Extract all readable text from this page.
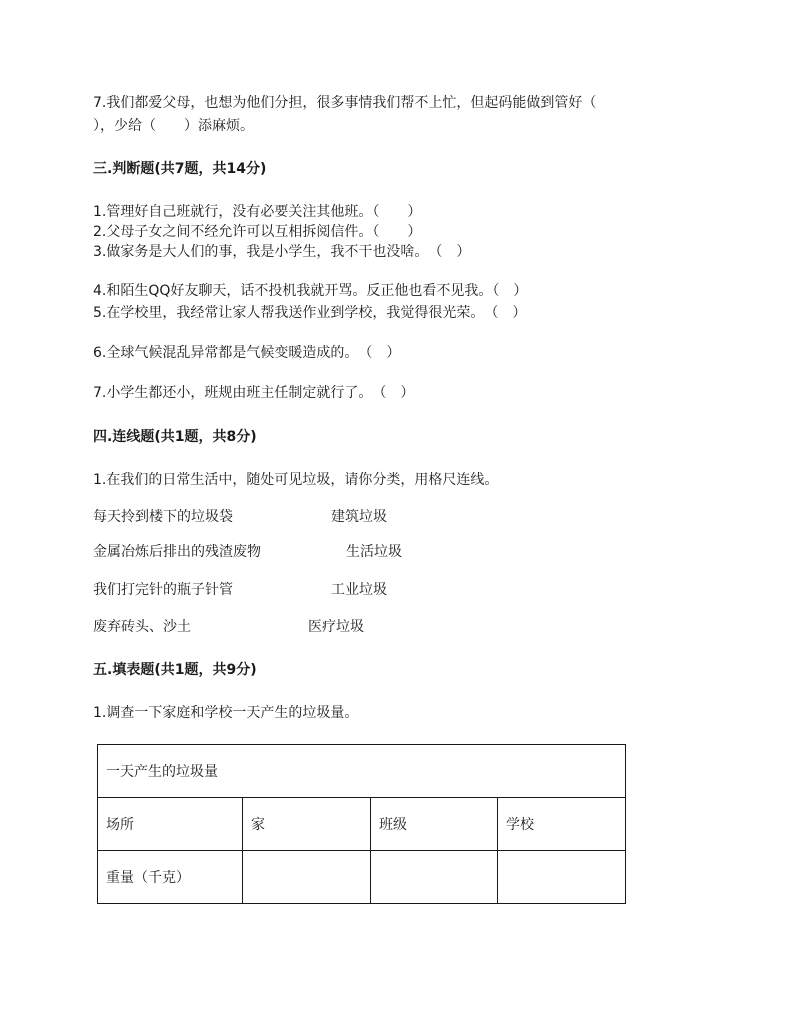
7.我们都爱父母，也想为他们分担，很多事情我们帮不上忙，但起码能做到管好（
），少给（　　）添麻烦。
三.判断题(共7题，共14分)
1.管理好自己班就行，没有必要关注其他班。（　　）
2.父母子女之间不经允许可以互相拆阅信件。（　　）
3.做家务是大人们的事，我是小学生，我不干也没啥。　（　）
4.和陌生QQ好友聊天，话不投机我就开骂。反正他也看不见我。（　）
5.在学校里，我经常让家人帮我送作业到学校，我觉得很光荣。　（　）
6.全球气候混乱异常都是气候变暖造成的。　（　）
7.小学生都还小，班规由班主任制定就行了。　（　）
四.连线题(共1题，共8分)
1.在我们的日常生活中，随处可见垃圾，请你分类，用格尺连线。
每天拎到楼下的垃圾袋
金属冶炼后排出的残渣废物
我们打完针的瓶子针管
废弃砖头、沙土
建筑垃圾
生活垃圾
工业垃圾
医疗垃圾
五.填表题(共1题，共9分)
1.调查一下家庭和学校一天产生的垃圾量。
一天产生的垃圾量			
场所	家	班级	学校
重量（千克）			
